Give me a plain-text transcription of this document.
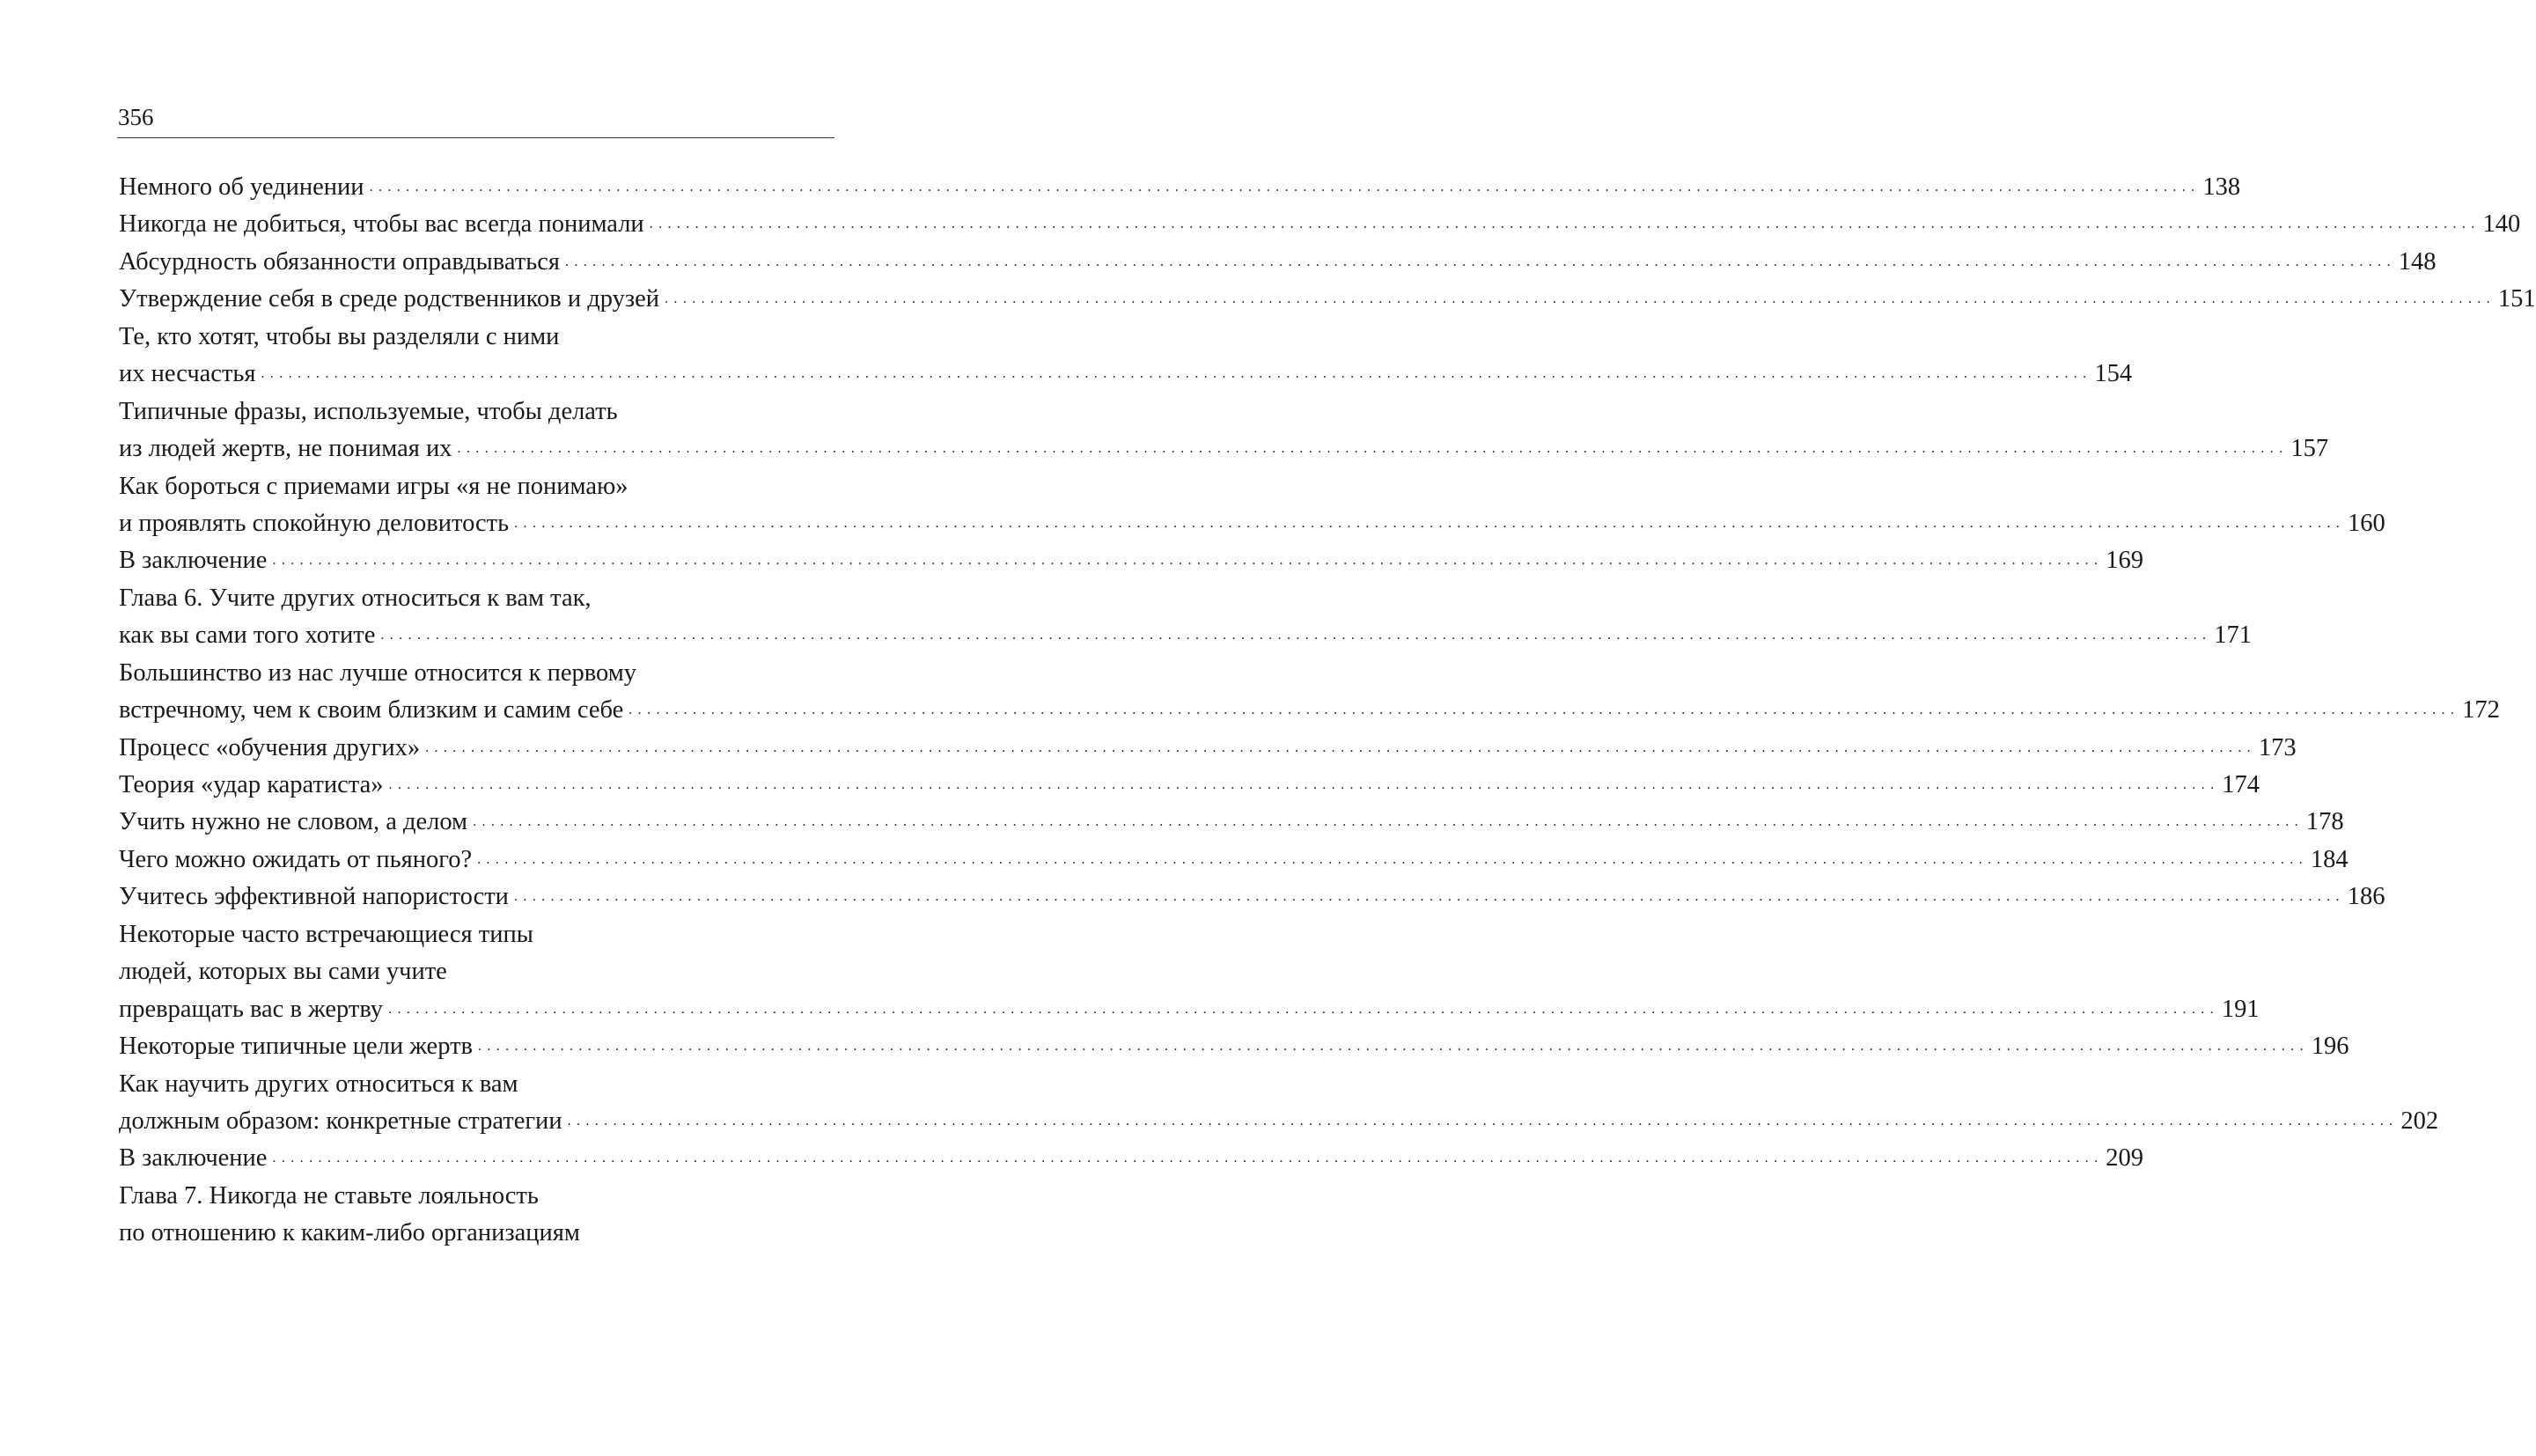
356
Немного об уединении . . . . . . . . . . . . . . . . . . . . . . . . . . . . . . . . . . . . . . . . . . . . . . . . . . . . . . . . . . . . . . . . . . . . . . . . . . . . . . . . . . . . . . . . . . . . . . . . . . . . . . . . . . . . . . . . . . . . . . . . . . . . . . . . . . . . . . . . . . . . . . . . . . . . . . . . . . . . . . . . . . . . . . . . . . . . . . . . . . . . . . . . . . . . . . . . . . . . . . . . 138
Никогда не добиться, чтобы вас всегда понимали . . . . . . . . . . . . . . . . . . . . . . . . . . . . . . . . . . . . . . . . . . . . . . . . . . . . . . . . . . . . . . . . . . . . . . . . . . . . . . . . . . . . . . . . . . . . . . . . . . . . . . . . . . . . . . . . . . . . . . . . . . . . . . . . . . . . . . . . . . . . . . . . . . . . . . . . . . . . . . . . . . . . . . . . . . . . . . . . . . . . . . . . . . . . . . . . . . . . . . . . 140
Абсурдность обязанности оправдываться . . . . . . . . . . . . . . . . . . . . . . . . . . . . . . . . . . . . . . . . . . . . . . . . . . . . . . . . . . . . . . . . . . . . . . . . . . . . . . . . . . . . . . . . . . . . . . . . . . . . . . . . . . . . . . . . . . . . . . . . . . . . . . . . . . . . . . . . . . . . . . . . . . . . . . . . . . . . . . . . . . . . . . . . . . . . . . . . . . . . . . . . . . . . . . . . . . . . . . . . 148
Утверждение себя в среде родственников и друзей . . . . . . . . . . . . . . . . . . . . . . . . . . . . . . . . . . . . . . . . . . . . . . . . . . . . . . . . . . . . . . . . . . . . . . . . . . . . . . . . . . . . . . . . . . . . . . . . . . . . . . . . . . . . . . . . . . . . . . . . . . . . . . . . . . . . . . . . . . . . . . . . . . . . . . . . . . . . . . . . . . . . . . . . . . . . . . . . . . . . . . . . . . . . . . . . . . . . . . . . 151
Те, кто хотят, чтобы вы разделяли с ними
их несчастья . . . . . . . . . . . . . . . . . . . . . . . . . . . . . . . . . . . . . . . . . . . . . . . . . . . . . . . . . . . . . . . . . . . . . . . . . . . . . . . . . . . . . . . . . . . . . . . . . . . . . . . . . . . . . . . . . . . . . . . . . . . . . . . . . . . . . . . . . . . . . . . . . . . . . . . . . . . . . . . . . . . . . . . . . . . . . . . . . . . . . . . . . . . . . . . . . . . . . . . . 154
Типичные фразы, используемые, чтобы делать
из людей жертв, не понимая их . . . . . . . . . . . . . . . . . . . . . . . . . . . . . . . . . . . . . . . . . . . . . . . . . . . . . . . . . . . . . . . . . . . . . . . . . . . . . . . . . . . . . . . . . . . . . . . . . . . . . . . . . . . . . . . . . . . . . . . . . . . . . . . . . . . . . . . . . . . . . . . . . . . . . . . . . . . . . . . . . . . . . . . . . . . . . . . . . . . . . . . . . . . . . . . . . . . . . . . . 157
Как бороться с приемами игры «я не понимаю»
и проявлять спокойную деловитость . . . . . . . . . . . . . . . . . . . . . . . . . . . . . . . . . . . . . . . . . . . . . . . . . . . . . . . . . . . . . . . . . . . . . . . . . . . . . . . . . . . . . . . . . . . . . . . . . . . . . . . . . . . . . . . . . . . . . . . . . . . . . . . . . . . . . . . . . . . . . . . . . . . . . . . . . . . . . . . . . . . . . . . . . . . . . . . . . . . . . . . . . . . . . . . . . . . . . . . . 160
В заключение . . . . . . . . . . . . . . . . . . . . . . . . . . . . . . . . . . . . . . . . . . . . . . . . . . . . . . . . . . . . . . . . . . . . . . . . . . . . . . . . . . . . . . . . . . . . . . . . . . . . . . . . . . . . . . . . . . . . . . . . . . . . . . . . . . . . . . . . . . . . . . . . . . . . . . . . . . . . . . . . . . . . . . . . . . . . . . . . . . . . . . . . . . . . . . . . . . . . . . . . 169
Глава 6. Учите других относиться к вам так,
как вы сами того хотите . . . . . . . . . . . . . . . . . . . . . . . . . . . . . . . . . . . . . . . . . . . . . . . . . . . . . . . . . . . . . . . . . . . . . . . . . . . . . . . . . . . . . . . . . . . . . . . . . . . . . . . . . . . . . . . . . . . . . . . . . . . . . . . . . . . . . . . . . . . . . . . . . . . . . . . . . . . . . . . . . . . . . . . . . . . . . . . . . . . . . . . . . . . . . . . . . . . . . . . . 171
Большинство из нас лучше относится к первому
встречному, чем к своим близким и самим себе . . . . . . . . . . . . . . . . . . . . . . . . . . . . . . . . . . . . . . . . . . . . . . . . . . . . . . . . . . . . . . . . . . . . . . . . . . . . . . . . . . . . . . . . . . . . . . . . . . . . . . . . . . . . . . . . . . . . . . . . . . . . . . . . . . . . . . . . . . . . . . . . . . . . . . . . . . . . . . . . . . . . . . . . . . . . . . . . . . . . . . . . . . . . . . . . . . . . . . . . 172
Процесс «обучения других» . . . . . . . . . . . . . . . . . . . . . . . . . . . . . . . . . . . . . . . . . . . . . . . . . . . . . . . . . . . . . . . . . . . . . . . . . . . . . . . . . . . . . . . . . . . . . . . . . . . . . . . . . . . . . . . . . . . . . . . . . . . . . . . . . . . . . . . . . . . . . . . . . . . . . . . . . . . . . . . . . . . . . . . . . . . . . . . . . . . . . . . . . . . . . . . . . . . . . . . . 173
Теория «удар каратиста» . . . . . . . . . . . . . . . . . . . . . . . . . . . . . . . . . . . . . . . . . . . . . . . . . . . . . . . . . . . . . . . . . . . . . . . . . . . . . . . . . . . . . . . . . . . . . . . . . . . . . . . . . . . . . . . . . . . . . . . . . . . . . . . . . . . . . . . . . . . . . . . . . . . . . . . . . . . . . . . . . . . . . . . . . . . . . . . . . . . . . . . . . . . . . . . . . . . . . . . . 174
Учить нужно не словом, а делом . . . . . . . . . . . . . . . . . . . . . . . . . . . . . . . . . . . . . . . . . . . . . . . . . . . . . . . . . . . . . . . . . . . . . . . . . . . . . . . . . . . . . . . . . . . . . . . . . . . . . . . . . . . . . . . . . . . . . . . . . . . . . . . . . . . . . . . . . . . . . . . . . . . . . . . . . . . . . . . . . . . . . . . . . . . . . . . . . . . . . . . . . . . . . . . . . . . . . . . . 178
Чего можно ожидать от пьяного? . . . . . . . . . . . . . . . . . . . . . . . . . . . . . . . . . . . . . . . . . . . . . . . . . . . . . . . . . . . . . . . . . . . . . . . . . . . . . . . . . . . . . . . . . . . . . . . . . . . . . . . . . . . . . . . . . . . . . . . . . . . . . . . . . . . . . . . . . . . . . . . . . . . . . . . . . . . . . . . . . . . . . . . . . . . . . . . . . . . . . . . . . . . . . . . . . . . . . . . . 184
Учитесь эффективной напористости . . . . . . . . . . . . . . . . . . . . . . . . . . . . . . . . . . . . . . . . . . . . . . . . . . . . . . . . . . . . . . . . . . . . . . . . . . . . . . . . . . . . . . . . . . . . . . . . . . . . . . . . . . . . . . . . . . . . . . . . . . . . . . . . . . . . . . . . . . . . . . . . . . . . . . . . . . . . . . . . . . . . . . . . . . . . . . . . . . . . . . . . . . . . . . . . . . . . . . . . 186
Некоторые часто встречающиеся типы
людей, которых вы сами учите
превращать вас в жертву . . . . . . . . . . . . . . . . . . . . . . . . . . . . . . . . . . . . . . . . . . . . . . . . . . . . . . . . . . . . . . . . . . . . . . . . . . . . . . . . . . . . . . . . . . . . . . . . . . . . . . . . . . . . . . . . . . . . . . . . . . . . . . . . . . . . . . . . . . . . . . . . . . . . . . . . . . . . . . . . . . . . . . . . . . . . . . . . . . . . . . . . . . . . . . . . . . . . . . . . 191
Некоторые типичные цели жертв . . . . . . . . . . . . . . . . . . . . . . . . . . . . . . . . . . . . . . . . . . . . . . . . . . . . . . . . . . . . . . . . . . . . . . . . . . . . . . . . . . . . . . . . . . . . . . . . . . . . . . . . . . . . . . . . . . . . . . . . . . . . . . . . . . . . . . . . . . . . . . . . . . . . . . . . . . . . . . . . . . . . . . . . . . . . . . . . . . . . . . . . . . . . . . . . . . . . . . . . 196
Как научить других относиться к вам
должным образом: конкретные стратегии . . . . . . . . . . . . . . . . . . . . . . . . . . . . . . . . . . . . . . . . . . . . . . . . . . . . . . . . . . . . . . . . . . . . . . . . . . . . . . . . . . . . . . . . . . . . . . . . . . . . . . . . . . . . . . . . . . . . . . . . . . . . . . . . . . . . . . . . . . . . . . . . . . . . . . . . . . . . . . . . . . . . . . . . . . . . . . . . . . . . . . . . . . . . . . . . . . . . . . . . 202
В заключение . . . . . . . . . . . . . . . . . . . . . . . . . . . . . . . . . . . . . . . . . . . . . . . . . . . . . . . . . . . . . . . . . . . . . . . . . . . . . . . . . . . . . . . . . . . . . . . . . . . . . . . . . . . . . . . . . . . . . . . . . . . . . . . . . . . . . . . . . . . . . . . . . . . . . . . . . . . . . . . . . . . . . . . . . . . . . . . . . . . . . . . . . . . . . . . . . . . . . . . . 209
Глава 7. Никогда не ставьте лояльность
по отношению к каким-либо организациям
